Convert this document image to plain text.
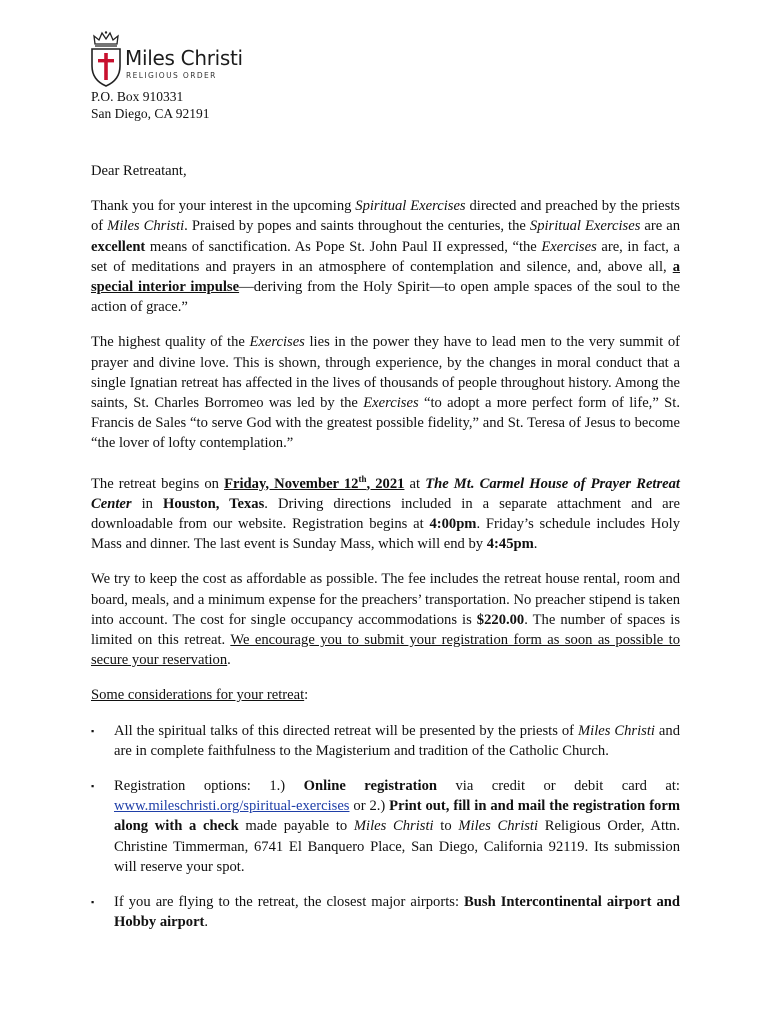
Miles Christi
RELIGIOUS ORDER
P.O. Box 910331
San Diego, CA 92191

Dear Retreatant,

Thank you for your interest in the upcoming Spiritual Exercises directed and preached by the priests of Miles Christi. Praised by popes and saints throughout the centuries, the Spiritual Exercises are an excellent means of sanctification. As Pope St. John Paul II expressed, “the Exercises are, in fact, a set of meditations and prayers in an atmosphere of contemplation and silence, and, above all, a special interior impulse—deriving from the Holy Spirit—to open ample spaces of the soul to the action of grace.”

The highest quality of the Exercises lies in the power they have to lead men to the very summit of prayer and divine love. This is shown, through experience, by the changes in moral conduct that a single Ignatian retreat has affected in the lives of thousands of people throughout history. Among the saints, St. Charles Borromeo was led by the Exercises “to adopt a more perfect form of life,” St. Francis de Sales “to serve God with the greatest possible fidelity,” and St. Teresa of Jesus to become “the lover of lofty contemplation.”

The retreat begins on Friday, November 12th, 2021 at The Mt. Carmel House of Prayer Retreat Center in Houston, Texas. Driving directions included in a separate attachment and are downloadable from our website. Registration begins at 4:00pm. Friday’s schedule includes Holy Mass and dinner. The last event is Sunday Mass, which will end by 4:45pm.

We try to keep the cost as affordable as possible. The fee includes the retreat house rental, room and board, meals, and a minimum expense for the preachers’ transportation. No preacher stipend is taken into account. The cost for single occupancy accommodations is $220.00. The number of spaces is limited on this retreat. We encourage you to submit your registration form as soon as possible to secure your reservation.

Some considerations for your retreat:

▪ All the spiritual talks of this directed retreat will be presented by the priests of Miles Christi and are in complete faithfulness to the Magisterium and tradition of the Catholic Church.
▪ Registration options: 1.) Online registration via credit or debit card at: www.mileschristi.org/spiritual-exercises or 2.) Print out, fill in and mail the registration form along with a check made payable to Miles Christi to Miles Christi Religious Order, Attn. Christine Timmerman, 6741 El Banquero Place, San Diego, California 92119. Its submission will reserve your spot.
▪ If you are flying to the retreat, the closest major airports: Bush Intercontinental airport and Hobby airport.
